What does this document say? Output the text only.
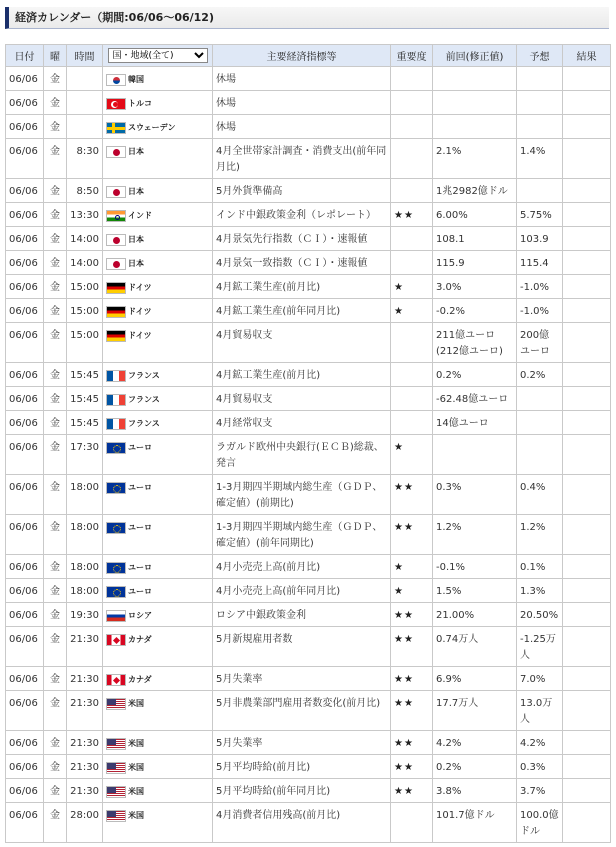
経済カレンダー（期間:06/06〜06/12)
日付	曜	時間	
国・地域(全て)	主要経済指標等	重要度	前回(修正値)	予想	結果
06/06	金		韓国	休場				
06/06	金		トルコ	休場				
06/06	金		スウェーデン	休場				
06/06	金	8:30	日本	4月全世帯家計調査・消費支出(前年同月比)		2.1%	1.4%	
06/06	金	8:50	日本	5月外貨準備高		1兆2982億ドル		
06/06	金	13:30	インド	インド中銀政策金利（レポレート）	★★	6.00%	5.75%	
06/06	金	14:00	日本	4月景気先行指数（ＣＩ）・速報値		108.1	103.9	
06/06	金	14:00	日本	4月景気一致指数（ＣＩ）・速報値		115.9	115.4	
06/06	金	15:00	ドイツ	4月鉱工業生産(前月比)	★	3.0%	-1.0%	
06/06	金	15:00	ドイツ	4月鉱工業生産(前年同月比)	★	-0.2%	-1.0%	
06/06	金	15:00	ドイツ	4月貿易収支		211億ユーロ(212億ユーロ)	200億ユーロ	
06/06	金	15:45	フランス	4月鉱工業生産(前月比)		0.2%	0.2%	
06/06	金	15:45	フランス	4月貿易収支		-62.48億ユーロ		
06/06	金	15:45	フランス	4月経常収支		14億ユーロ		
06/06	金	17:30	ユーロ	ラガルド欧州中央銀行(ＥＣＢ)総裁、発言	★			
06/06	金	18:00	ユーロ	1-3月期四半期域内総生産（ＧＤＰ、確定値）(前期比)	★★	0.3%	0.4%	
06/06	金	18:00	ユーロ	1-3月期四半期域内総生産（ＧＤＰ、確定値）(前年同期比)	★★	1.2%	1.2%	
06/06	金	18:00	ユーロ	4月小売売上高(前月比)	★	-0.1%	0.1%	
06/06	金	18:00	ユーロ	4月小売売上高(前年同月比)	★	1.5%	1.3%	
06/06	金	19:30	ロシア	ロシア中銀政策金利	★★	21.00%	20.50%	
06/06	金	21:30	カナダ	5月新規雇用者数	★★	0.74万人	-1.25万人	
06/06	金	21:30	カナダ	5月失業率	★★	6.9%	7.0%	
06/06	金	21:30	米国	5月非農業部門雇用者数変化(前月比)	★★	17.7万人	13.0万人	
06/06	金	21:30	米国	5月失業率	★★	4.2%	4.2%	
06/06	金	21:30	米国	5月平均時給(前月比)	★★	0.2%	0.3%	
06/06	金	21:30	米国	5月平均時給(前年同月比)	★★	3.8%	3.7%	
06/06	金	28:00	米国	4月消費者信用残高(前月比)		101.7億ドル	100.0億ドル	
